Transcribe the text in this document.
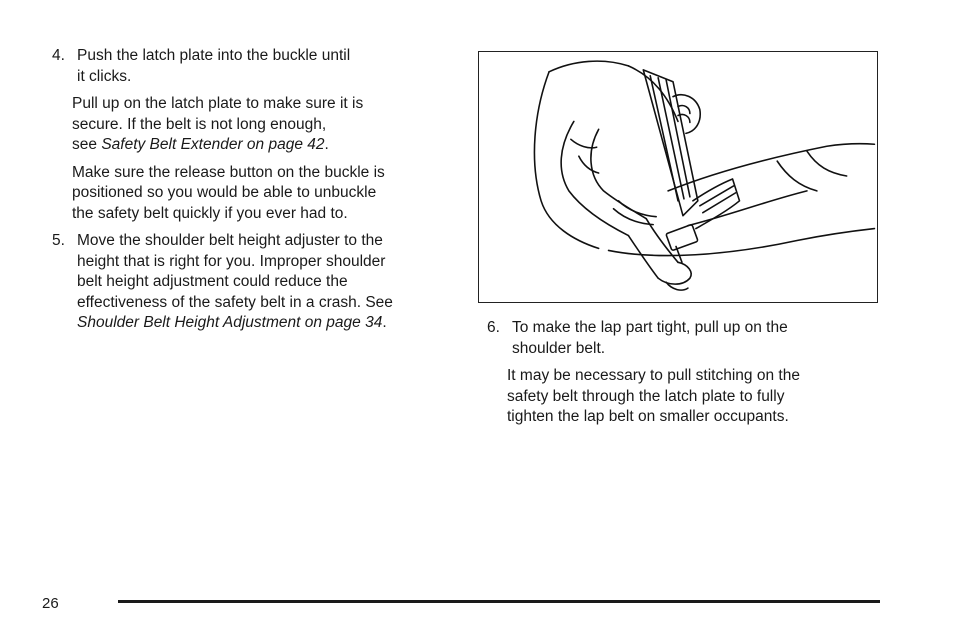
4. Push the latch plate into the buckle until
it clicks.
Pull up on the latch plate to make sure it is
secure. If the belt is not long enough,
see Safety Belt Extender on page 42.
Make sure the release button on the buckle is
positioned so you would be able to unbuckle
the safety belt quickly if you ever had to.
5. Move the shoulder belt height adjuster to the
height that is right for you. Improper shoulder
belt height adjustment could reduce the
effectiveness of the safety belt in a crash. See
Shoulder Belt Height Adjustment on page 34.	6. To make the lap part tight, pull up on the
shoulder belt.
It may be necessary to pull stitching on the
safety belt through the latch plate to fully
tighten the lap belt on smaller occupants.
26
